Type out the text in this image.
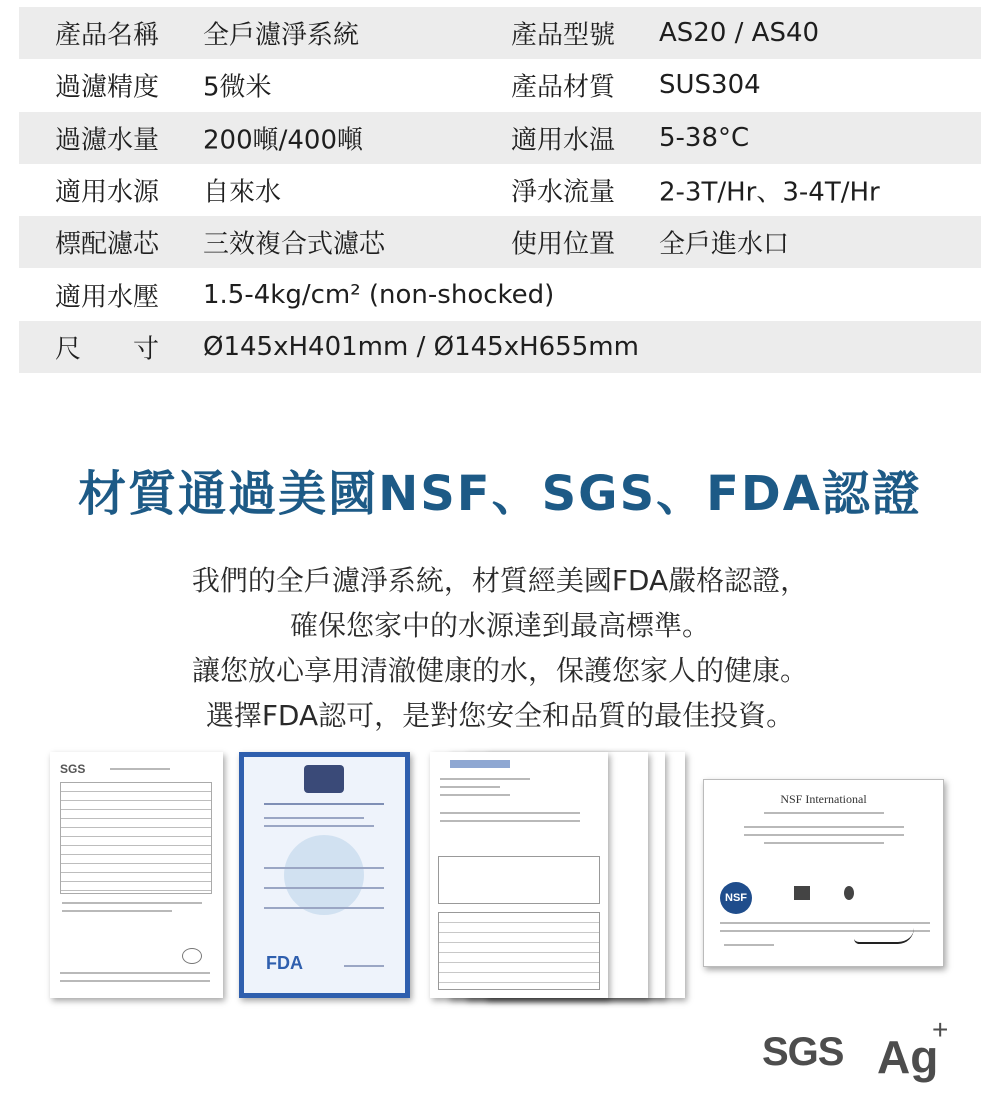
產品名稱 全戶濾淨系統	產品型號 AS20 / AS40
過濾精度 5微米	產品材質 SUS304
過濾水量 200噸/400噸	適用水温 5-38°C
適用水源 自來水	淨水流量 2-3T/Hr、3-4T/Hr
標配濾芯 三效複合式濾芯	使用位置 全戶進水口
適用水壓 1.5-4kg/cm² (non-shocked)
尺　　寸 Ø145xH401mm / Ø145xH655mm
材質通過美國NSF、SGS、FDA認證
我們的全戶濾淨系統，材質經美國FDA嚴格認證，
確保您家中的水源達到最高標準。
讓您放心享用清澈健康的水，保護您家人的健康。
選擇FDA認可，是對您安全和品質的最佳投資。
SGS
FDA
NSF International
NSF
SGS Ag
+
